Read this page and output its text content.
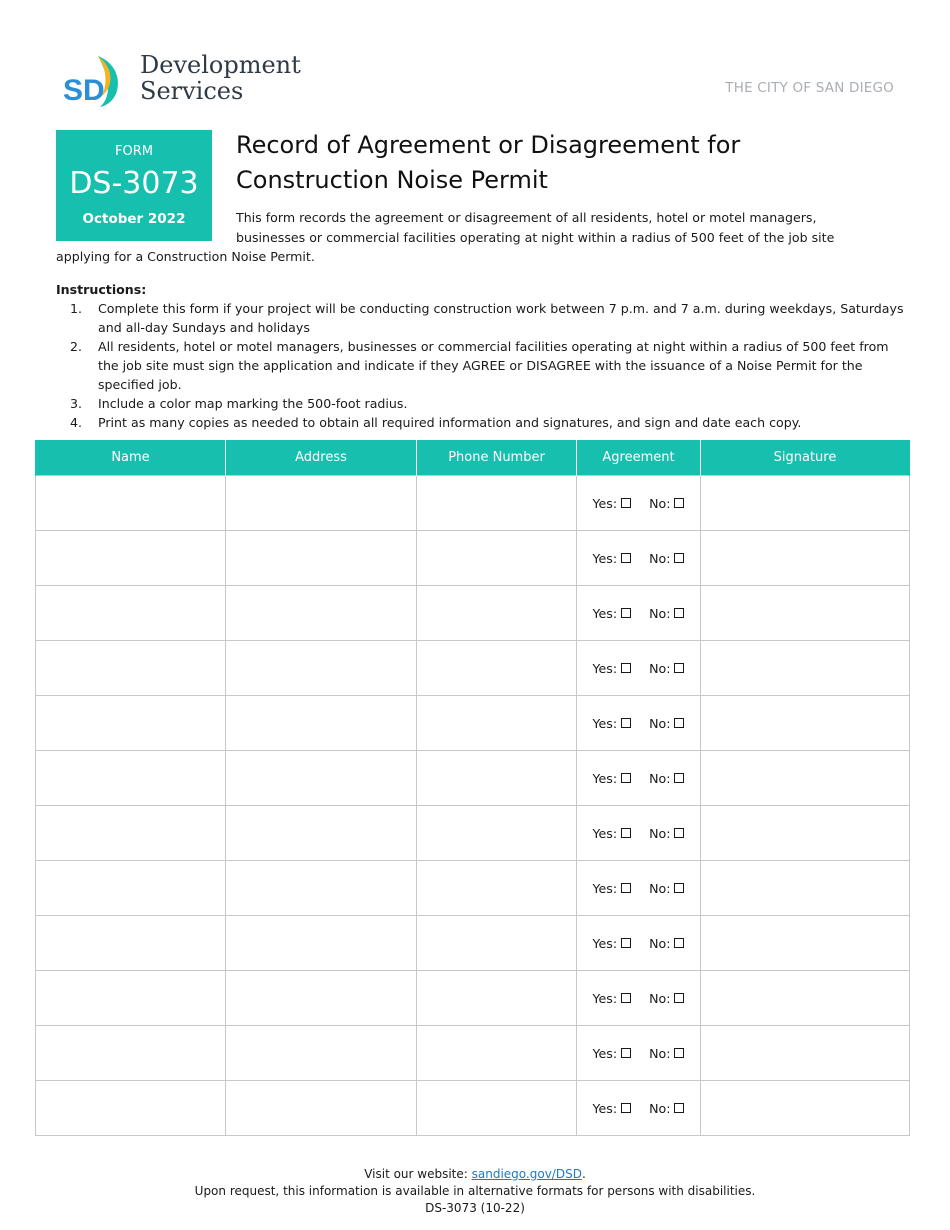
SD
Development
Services	THE CITY OF SAN DIEGO
FORM
DS-3073
October 2022
Record of Agreement or Disagreement for
Construction Noise Permit
This form records the agreement or disagreement of all residents, hotel or motel managers,
businesses or commercial facilities operating at night within a radius of 500 feet of the job site
applying for a Construction Noise Permit.
Instructions:
1. Complete this form if your project will be conducting construction work between 7 p.m. and 7 a.m. during weekdays, Saturdays and all-day Sundays and holidays
2. All residents, hotel or motel managers, businesses or commercial facilities operating at night within a radius of 500 feet from the job site must sign the application and indicate if they AGREE or DISAGREE with the issuance of a Noise Permit for the specified job.
3. Include a color map marking the 500-foot radius.
4. Print as many copies as needed to obtain all required information and signatures, and sign and date each copy.
Name	Address	Phone Number	Agreement	Signature
			Yes: No:	
			Yes: No:	
			Yes: No:	
			Yes: No:	
			Yes: No:	
			Yes: No:	
			Yes: No:	
			Yes: No:	
			Yes: No:	
			Yes: No:	
			Yes: No:	
			Yes: No:	
Visit our website: sandiego.gov/DSD.
Upon request, this information is available in alternative formats for persons with disabilities.
DS-3073 (10-22)
